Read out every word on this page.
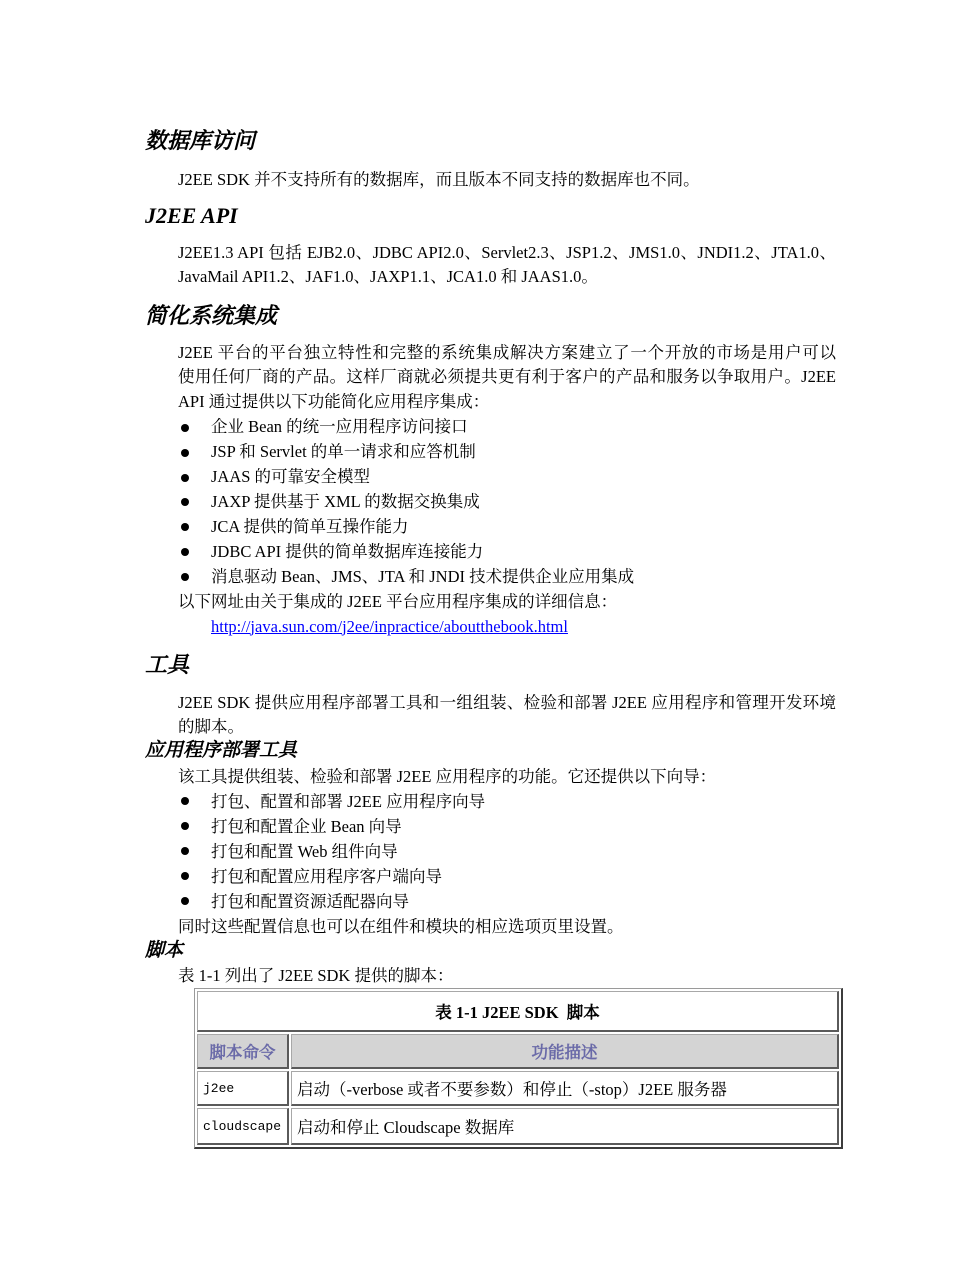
数据库访问
J2EE SDK 并不支持所有的数据库，而且版本不同支持的数据库也不同。
J2EE API
J2EE1.3 API 包括 EJB2.0、JDBC API2.0、Servlet2.3、JSP1.2、JMS1.0、JNDI1.2、JTA1.0、
JavaMail API1.2、JAF1.0、JAXP1.1、JCA1.0 和 JAAS1.0。
简化系统集成
J2EE 平台的平台独立特性和完整的系统集成解决方案建立了一个开放的市场是用户可以
使用任何厂商的产品。这样厂商就必须提共更有利于客户的产品和服务以争取用户。J2EE
API 通过提供以下功能简化应用程序集成：
企业 Bean 的统一应用程序访问接口
JSP 和 Servlet 的单一请求和应答机制
JAAS 的可靠安全模型
JAXP 提供基于 XML 的数据交换集成
JCA 提供的简单互操作能力
JDBC API 提供的简单数据库连接能力
消息驱动 Bean、JMS、JTA 和 JNDI 技术提供企业应用集成
以下网址由关于集成的 J2EE 平台应用程序集成的详细信息：
http://java.sun.com/j2ee/inpractice/aboutthebook.html
工具
J2EE SDK 提供应用程序部署工具和一组组装、检验和部署 J2EE 应用程序和管理开发环境
的脚本。
应用程序部署工具
该工具提供组装、检验和部署 J2EE 应用程序的功能。它还提供以下向导：
打包、配置和部署 J2EE 应用程序向导
打包和配置企业 Bean 向导
打包和配置 Web 组件向导
打包和配置应用程序客户端向导
打包和配置资源适配器向导
同时这些配置信息也可以在组件和模块的相应选项页里设置。
脚本
表 1-1 列出了 J2EE SDK 提供的脚本：
表 1-1 J2EE SDK  脚本	
脚本命令	功能描述
j2ee	启动（-verbose 或者不要参数）和停止（-stop）J2EE 服务器
cloudscape	启动和停止 Cloudscape 数据库
